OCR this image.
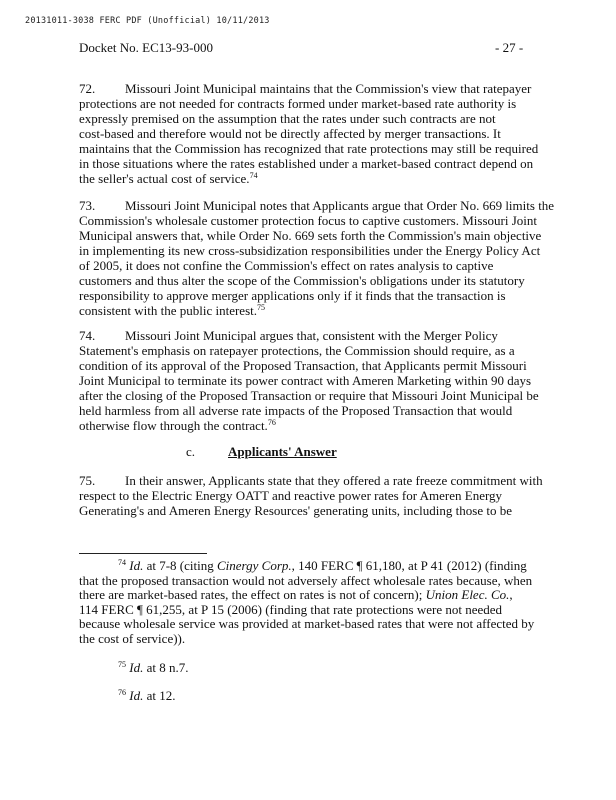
20131011-3038 FERC PDF (Unofficial) 10/11/2013
Docket No. EC13-93-000	- 27 -
72. Missouri Joint Municipal maintains that the Commission's view that ratepayer
protections are not needed for contracts formed under market-based rate authority is
expressly premised on the assumption that the rates under such contracts are not
cost-based and therefore would not be directly affected by merger transactions. It
maintains that the Commission has recognized that rate protections may still be required
in those situations where the rates established under a market-based contract depend on
the seller's actual cost of service.$^{74}$
73. Missouri Joint Municipal notes that Applicants argue that Order No. 669 limits the
Commission's wholesale customer protection focus to captive customers. Missouri Joint
Municipal answers that, while Order No. 669 sets forth the Commission's main objective
in implementing its new cross-subsidization responsibilities under the Energy Policy Act
of 2005, it does not confine the Commission's effect on rates analysis to captive
customers and thus alter the scope of the Commission's obligations under its statutory
responsibility to approve merger applications only if it finds that the transaction is
consistent with the public interest.$^{75}$
74. Missouri Joint Municipal argues that, consistent with the Merger Policy
Statement's emphasis on ratepayer protections, the Commission should require, as a
condition of its approval of the Proposed Transaction, that Applicants permit Missouri
Joint Municipal to terminate its power contract with Ameren Marketing within 90 days
after the closing of the Proposed Transaction or require that Missouri Joint Municipal be
held harmless from all adverse rate impacts of the Proposed Transaction that would
otherwise flow through the contract.$^{76}$
c.	Applicants' Answer
75. In their answer, Applicants state that they offered a rate freeze commitment with
respect to the Electric Energy OATT and reactive power rates for Ameren Energy
Generating's and Ameren Energy Resources' generating units, including those to be
$^{74}$ Id. at 7-8 (citing Cinergy Corp., 140 FERC ¶ 61,180, at P 41 (2012) (finding
that the proposed transaction would not adversely affect wholesale rates because, when
there are market-based rates, the effect on rates is not of concern); Union Elec. Co.,
114 FERC ¶ 61,255, at P 15 (2006) (finding that rate protections were not needed
because wholesale service was provided at market-based rates that were not affected by
the cost of service)).
$^{75}$ Id. at 8 n.7.
$^{76}$ Id. at 12.
